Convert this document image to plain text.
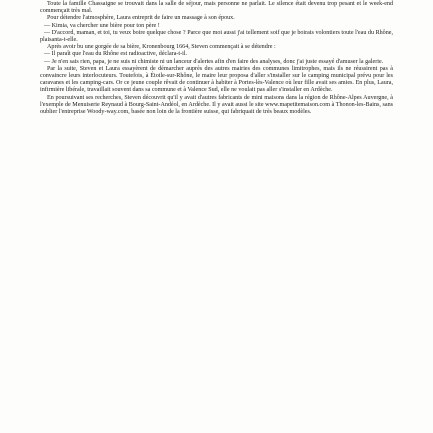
Toute la famille Chassaigne se trouvait dans la salle de séjour, mais personne ne parlait. Le silence était devenu trop pesant et le week-end commençait très mal.

Pour détendre l'atmosphère, Laura entreprit de faire un massage à son époux.

— Kimia, va chercher une bière pour ton père !

— D'accord, maman, et toi, tu veux boire quelque chose ? Parce que moi aussi j'ai tellement soif que je boirais volontiers toute l'eau du Rhône, plaisanta-t-elle.

Après avoir bu une gorgée de sa bière, Kronenbourg 1664, Steven commençait à se détendre :

— Il paraît que l'eau du Rhône est radioactive, déclara-t-il.

— Je n'en sais rien, papa, je ne suis ni chimiste ni un lanceur d'alertes afin d'en faire des analyses, donc j'ai juste essayé d'amuser la galerie.

Par la suite, Steven et Laura essayèrent de démarcher auprès des autres mairies des communes limitrophes, mais ils ne réussirent pas à convaincre leurs interlocuteurs. Toutefois, à Étoile-sur-Rhône, le maire leur proposa d'aller s'installer sur le camping municipal prévu pour les caravanes et les camping-cars. Or ce jeune couple rêvait de continuer à habiter à Portes-lès-Valence où leur fille avait ses amies. En plus, Laura, infirmière libérale, travaillait souvent dans sa commune et à Valence Sud, elle ne voulait pas aller s'installer en Ardèche.

En poursuivant ses recherches, Steven découvrit qu'il y avait d'autres fabricants de mini maisons dans la région de Rhône-Alpes Auvergne, à l'exemple de Menuiserie Reynaud à Bourg-Saint-Andéol, en Ardèche. Il y avait aussi le site www.mapetitemaison.com à Thonon-les-Bains, sans oublier l'entreprise Woody-way.com, basée non loin de la frontière suisse, qui fabriquait de très beaux modèles.
